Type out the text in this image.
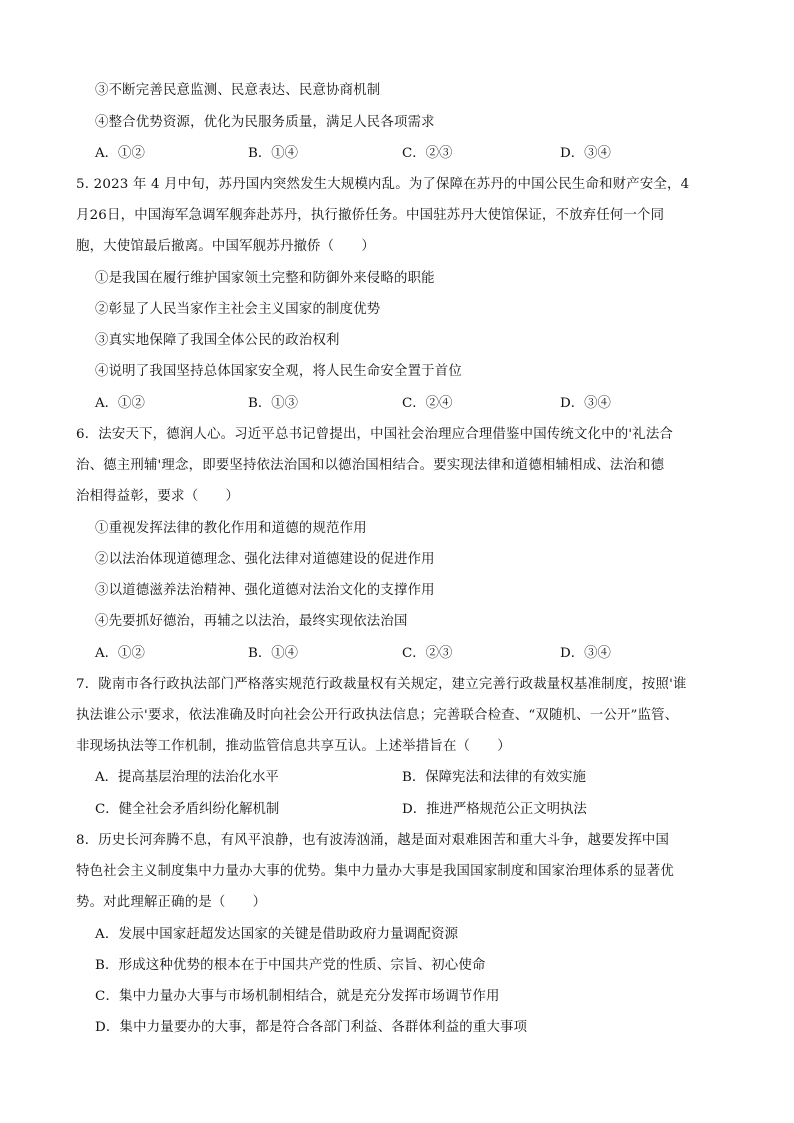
③不断完善民意监测、民意表达、民意协商机制
④整合优势资源，优化为民服务质量，满足人民各项需求
A．①②	B．①④	C．②③	D．③④
5. 2023 年 4 月中旬，苏丹国内突然发生大规模内乱。为了保障在苏丹的中国公民生命和财产安全，4
月26日，中国海军急调军舰奔赴苏丹，执行撤侨任务。中国驻苏丹大使馆保证，不放弃任何一个同
胞，大使馆最后撤离。中国军舰苏丹撤侨（　　）
①是我国在履行维护国家领土完整和防御外来侵略的职能
②彰显了人民当家作主社会主义国家的制度优势
③真实地保障了我国全体公民的政治权利
④说明了我国坚持总体国家安全观，将人民生命安全置于首位
A．①②	B．①③	C．②④	D．③④
6．法安天下，德润人心。习近平总书记曾提出，中国社会治理应合理借鉴中国传统文化中的'礼法合
治、德主刑辅'理念，即要坚持依法治国和以德治国相结合。要实现法律和道德相辅相成、法治和德
治相得益彰，要求（　　）
①重视发挥法律的教化作用和道德的规范作用
②以法治体现道德理念、强化法律对道德建设的促进作用
③以道德滋养法治精神、强化道德对法治文化的支撑作用
④先要抓好德治，再辅之以法治，最终实现依法治国
A．①②	B．①④	C．②③	D．③④
7．陇南市各行政执法部门严格落实规范行政裁量权有关规定，建立完善行政裁量权基准制度，按照'谁
执法谁公示'要求，依法准确及时向社会公开行政执法信息；完善联合检查、“双随机、一公开”监管、
非现场执法等工作机制，推动监管信息共享互认。上述举措旨在（　　）
A．提高基层治理的法治化水平	B．保障宪法和法律的有效实施
C．健全社会矛盾纠纷化解机制	D．推进严格规范公正文明执法
8．历史长河奔腾不息，有风平浪静，也有波涛汹涌，越是面对艰难困苦和重大斗争，越要发挥中国
特色社会主义制度集中力量办大事的优势。集中力量办大事是我国国家制度和国家治理体系的显著优
势。对此理解正确的是（　　）
A．发展中国家赶超发达国家的关键是借助政府力量调配资源
B．形成这种优势的根本在于中国共产党的性质、宗旨、初心使命
C．集中力量办大事与市场机制相结合，就是充分发挥市场调节作用
D．集中力量要办的大事，都是符合各部门利益、各群体利益的重大事项
